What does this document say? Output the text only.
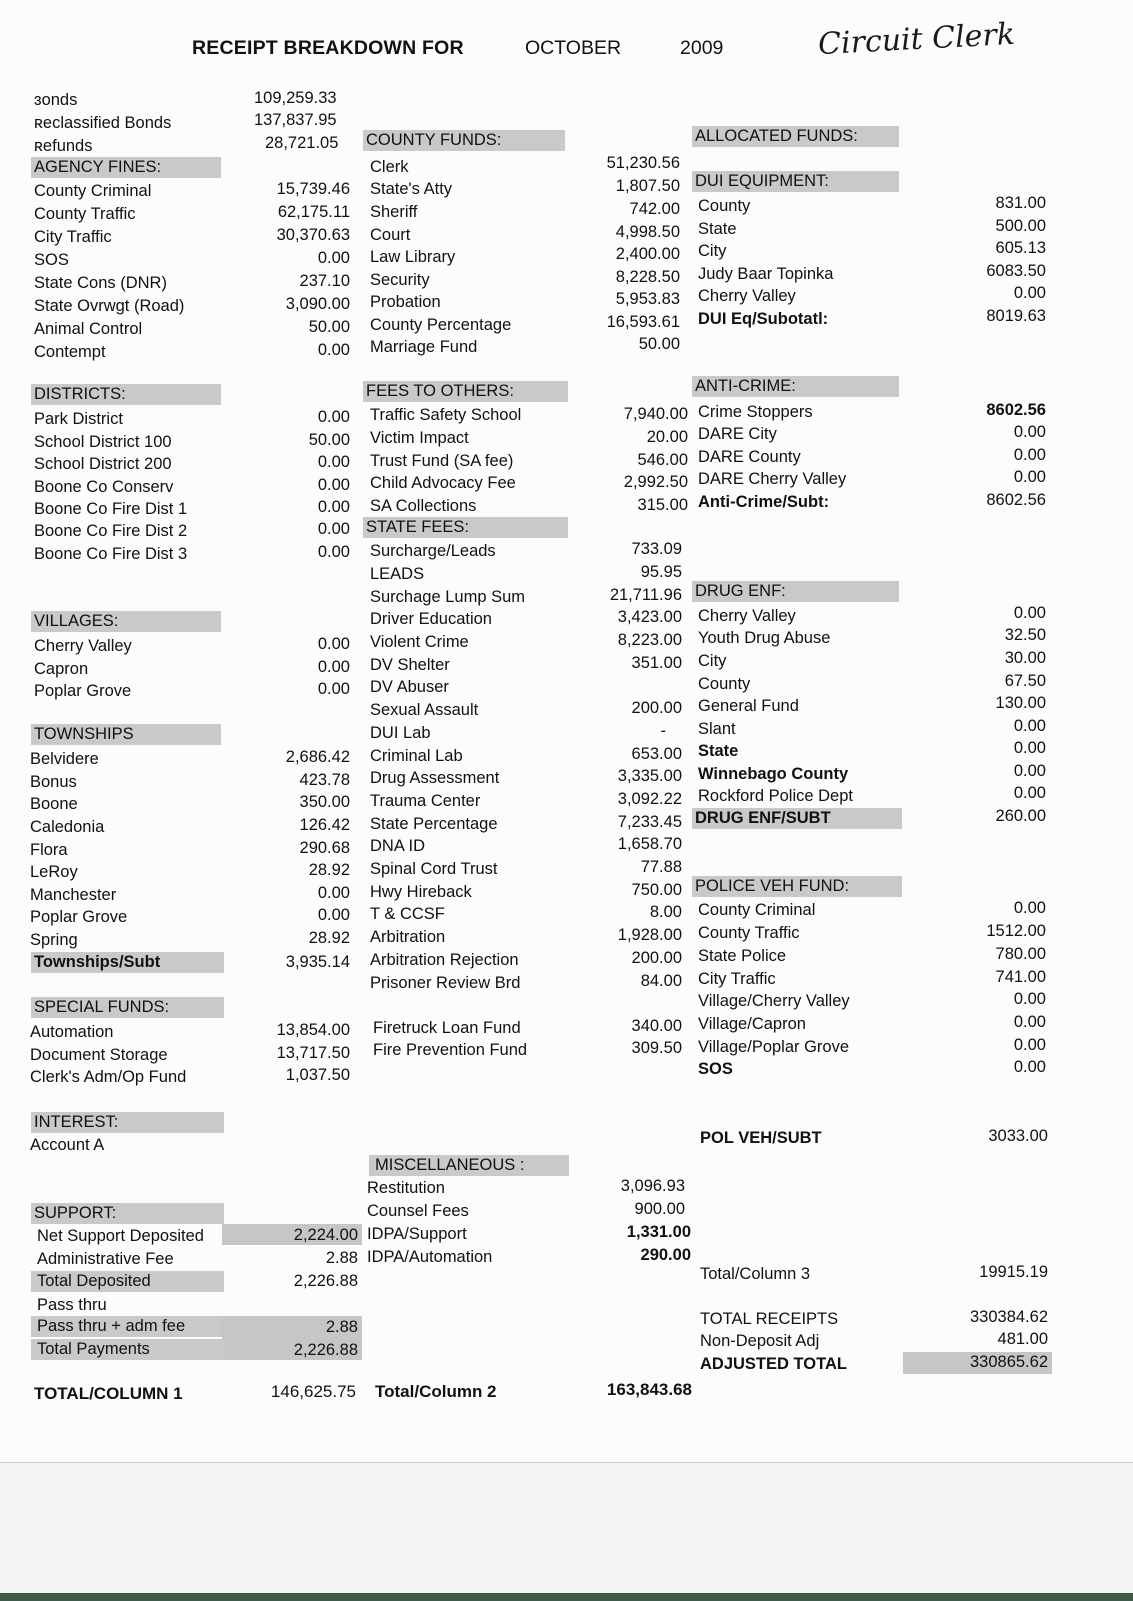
RECEIPT BREAKDOWN FOR	OCTOBER	2009	Circuit Clerk
ɜonds	109,259.33
ʀeclassified Bonds	137,837.95
ʀefunds	28,721.05
AGENCY FINES:
County Criminal	15,739.46
County Traffic	62,175.11
City Traffic	30,370.63
SOS	0.00
State Cons (DNR)	237.10
State Ovrwgt (Road)	3,090.00
Animal Control	50.00
Contempt	0.00
DISTRICTS:
Park District	0.00
School District 100	50.00
School District 200	0.00
Boone Co Conserv	0.00
Boone Co Fire Dist 1	0.00
Boone Co Fire Dist 2	0.00
Boone Co Fire Dist 3	0.00
VILLAGES:
Cherry Valley	0.00
Capron	0.00
Poplar Grove	0.00
TOWNSHIPS
Belvidere	2,686.42
Bonus	423.78
Boone	350.00
Caledonia	126.42
Flora	290.68
LeRoy	28.92
Manchester	0.00
Poplar Grove	0.00
Spring	28.92
Townships/Subt	3,935.14
SPECIAL FUNDS:
Automation	13,854.00
Document Storage	13,717.50
Clerk's Adm/Op Fund	1,037.50
INTEREST:
Account A
SUPPORT:
Net Support Deposited	2,224.00
Administrative Fee	2.88
Total Deposited	2,226.88
Pass thru
Pass thru + adm fee	2.88
Total Payments	2,226.88
TOTAL/COLUMN 1	146,625.75
COUNTY FUNDS:
Clerk	51,230.56
State's Atty	1,807.50
Sheriff	742.00
Court	4,998.50
Law Library	2,400.00
Security	8,228.50
Probation	5,953.83
County Percentage	16,593.61
Marriage Fund	50.00
FEES TO OTHERS:
Traffic Safety School	7,940.00
Victim Impact	20.00
Trust Fund (SA fee)	546.00
Child Advocacy Fee	2,992.50
SA Collections	315.00
STATE FEES:
Surcharge/Leads	733.09
LEADS	95.95
Surchage Lump Sum	21,711.96
Driver Education	3,423.00
Violent Crime	8,223.00
DV Shelter	351.00
DV Abuser
Sexual Assault	200.00
DUI Lab	-
Criminal Lab	653.00
Drug Assessment	3,335.00
Trauma Center	3,092.22
State Percentage	7,233.45
DNA ID	1,658.70
Spinal Cord Trust	77.88
Hwy Hireback	750.00
T & CCSF	8.00
Arbitration	1,928.00
Arbitration Rejection	200.00
Prisoner Review Brd	84.00
Firetruck Loan Fund	340.00
Fire Prevention Fund	309.50
MISCELLANEOUS :
Restitution	3,096.93
Counsel Fees	900.00
IDPA/Support	1,331.00
IDPA/Automation	290.00
Total/Column 2	163,843.68
ALLOCATED FUNDS:
DUI EQUIPMENT:
County	831.00
State	500.00
City	605.13
Judy Baar Topinka	6083.50
Cherry Valley	0.00
DUI Eq/Subotatl:	8019.63
ANTI-CRIME:
Crime Stoppers	8602.56
DARE City	0.00
DARE County	0.00
DARE Cherry Valley	0.00
Anti-Crime/Subt:	8602.56
DRUG ENF:
Cherry Valley	0.00
Youth Drug Abuse	32.50
City	30.00
County	67.50
General Fund	130.00
Slant	0.00
State	0.00
Winnebago County	0.00
Rockford Police Dept	0.00
DRUG ENF/SUBT	260.00
POLICE VEH FUND:
County Criminal	0.00
County Traffic	1512.00
State Police	780.00
City Traffic	741.00
Village/Cherry Valley	0.00
Village/Capron	0.00
Village/Poplar Grove	0.00
SOS	0.00
POL VEH/SUBT	3033.00
Total/Column 3	19915.19
TOTAL RECEIPTS	330384.62
Non-Deposit Adj	481.00
ADJUSTED TOTAL	330865.62
